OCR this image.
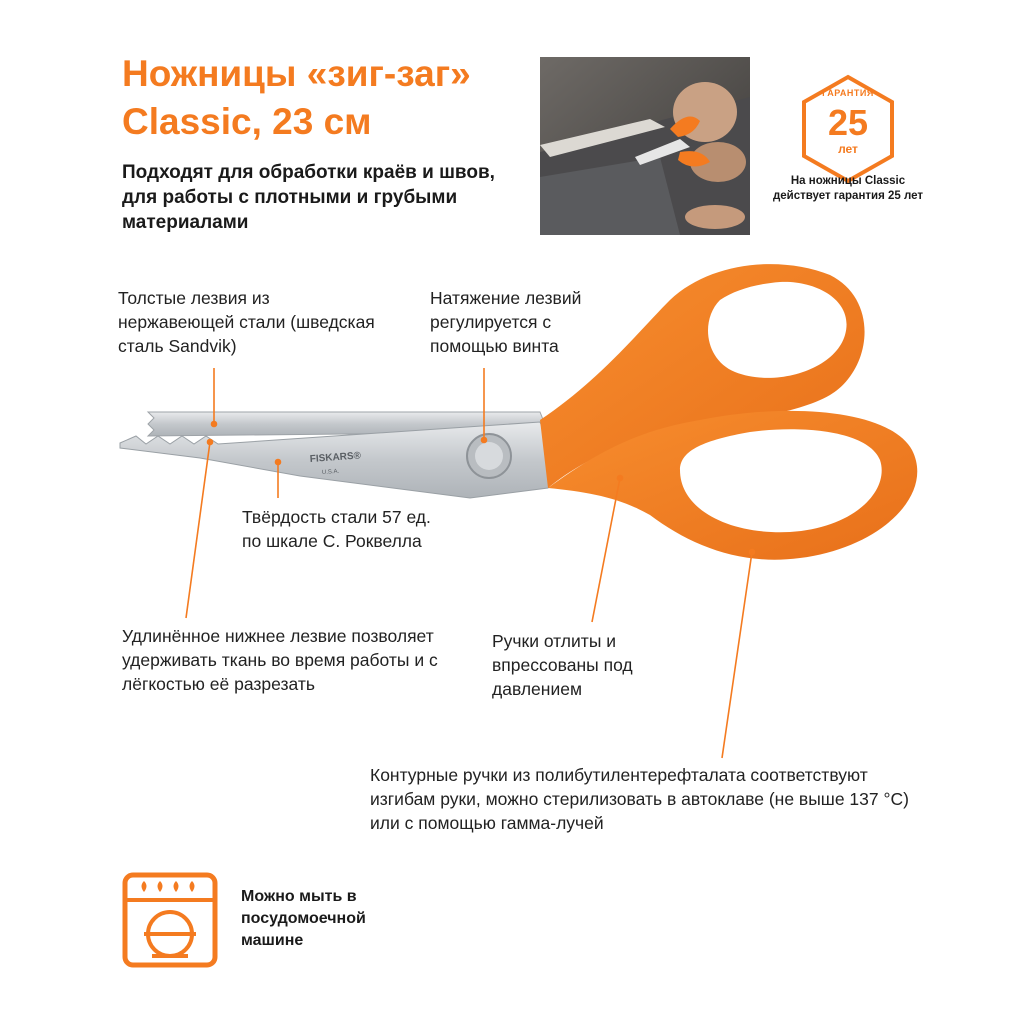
Ножницы «зиг-заг»
Classic, 23 см
Подходят для обработки краёв и швов, для работы с плотными и грубыми материалами
ГАРАНТИЯ
25
лет
На ножницы Classic действует гарантия 25 лет
FISKARS®
U.S.A.
Толстые лезвия из нержавеющей стали (шведская сталь Sandvik)
Натяжение лезвий регулируется с помощью винта
Твёрдость стали 57 ед. по шкале С. Роквелла
Удлинённое нижнее лезвие позволяет удерживать ткань во время работы и с лёгкостью её разрезать
Ручки отлиты и впрессованы под давлением
Контурные ручки из полибутилентерефталата соответствуют изгибам руки, можно стерилизовать в автоклаве (не выше 137 °C) или с помощью гамма-лучей
Можно мыть в посудомоечной машине
